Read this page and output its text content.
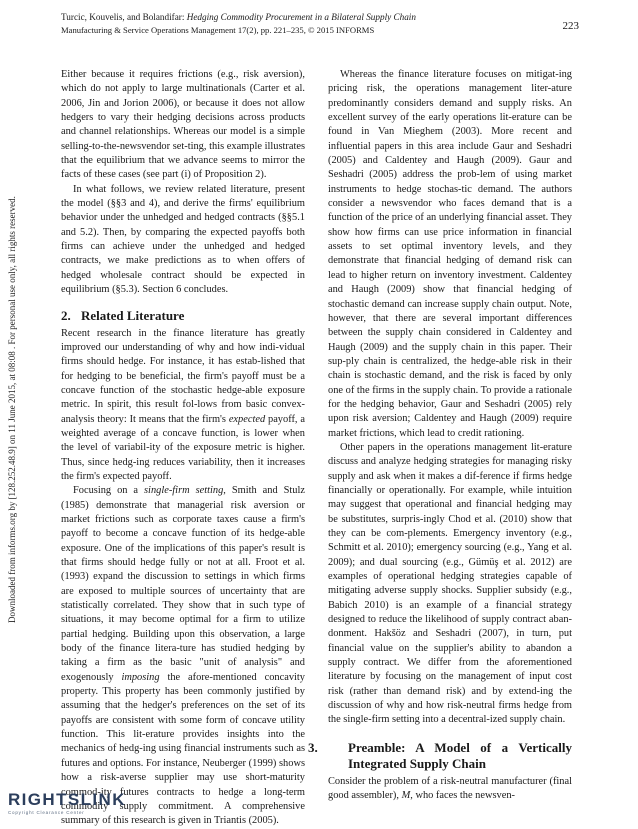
Downloaded from informs.org by [128.252.48.9] on 11 June 2015, at 08:08 . For personal use only, all rights reserved.
Turcic, Kouvelis, and Bolandifar: Hedging Commodity Procurement in a Bilateral Supply Chain
Manufacturing & Service Operations Management 17(2), pp. 221–235, © 2015 INFORMS	223

Either because it requires frictions (e.g., risk aversion), which do not apply to large multinationals (Carter et al. 2006, Jin and Jorion 2006), or because it does not allow hedgers to vary their hedging decisions across products and channel relationships. Whereas our model is a simple selling-to-the-newsvendor set-ting, this example illustrates that the equilibrium that we advance seems to mirror the facts of these cases (see part (i) of Proposition 2).

In what follows, we review related literature, present the model (§§3 and 4), and derive the firms' equilibrium behavior under the unhedged and hedged contracts (§§5.1 and 5.2). Then, by comparing the expected payoffs both firms can achieve under the unhedged and hedged contracts, we make predictions as to when offers of hedged wholesale contract should be expected in equilibrium (§5.3). Section 6 concludes.

2. Related Literature

Recent research in the finance literature has greatly improved our understanding of why and how indi-vidual firms should hedge. For instance, it has estab-lished that for hedging to be beneficial, the firm's payoff must be a concave function of the stochastic hedge-able exposure metric. In spirit, this result fol-lows from basic convex-analysis theory: It means that the firm's expected payoff, a weighted average of a concave function, is lower when the level of variabil-ity of the exposure metric is higher. Thus, since hedg-ing reduces variability, then it increases the firm's expected payoff.

Focusing on a single-firm setting, Smith and Stulz (1985) demonstrate that managerial risk aversion or market frictions such as corporate taxes cause a firm's payoff to become a concave function of its hedge-able exposure. One of the implications of this paper's result is that firms should hedge fully or not at all. Froot et al. (1993) expand the discussion to settings in which firms are exposed to multiple sources of uncertainty that are statistically correlated. They show that in such type of situations, it may become optimal for a firm to utilize partial hedging. Building upon this observation, a large body of the finance litera-ture has studied hedging by taking a firm as the basic "unit of analysis" and exogenously imposing the afore-mentioned concavity property. This property has been commonly justified by assuming that the hedger's preferences on the set of its payoffs are consistent with some form of concave utility function. This lit-erature provides insights into the mechanics of hedg-ing using financial instruments such as futures and options. For instance, Neuberger (1999) shows how a risk-averse supplier may use short-maturity commod-ity futures contracts to hedge a long-term commodity supply commitment. A comprehensive summary of this research is given in Triantis (2005).

Whereas the finance literature focuses on mitigat-ing pricing risk, the operations management liter-ature predominantly considers demand and supply risks. An excellent survey of the early operations lit-erature can be found in Van Mieghem (2003). More recent and influential papers in this area include Gaur and Seshadri (2005) and Caldentey and Haugh (2009). Gaur and Seshadri (2005) address the prob-lem of using market instruments to hedge stochas-tic demand. The authors consider a newsvendor who faces demand that is a function of the price of an underlying financial asset. They show how firms can use price information in financial assets to set optimal inventory levels, and they demonstrate that financial hedging of demand risk can lead to higher return on inventory investment. Caldentey and Haugh (2009) show that financial hedging of stochastic demand can increase supply chain output. Note, however, that there are several important differences between the supply chain considered in Caldentey and Haugh (2009) and the supply chain in this paper. Their sup-ply chain is centralized, the hedge-able risk in their chain is stochastic demand, and the risk is faced by only one of the firms in the supply chain. To provide a rationale for the hedging behavior, Gaur and Seshadri (2005) rely upon risk aversion; Caldentey and Haugh (2009) require market frictions, which lead to credit rationing.

Other papers in the operations management lit-erature discuss and analyze hedging strategies for managing risky supply and ask when it makes a dif-ference if firms hedge financially or operationally. For example, while intuition may suggest that operational and financial hedging may be substitutes, surpris-ingly Chod et al. (2010) show that they can be com-plements. Emergency inventory (e.g., Schmitt et al. 2010); emergency sourcing (e.g., Yang et al. 2009); and dual sourcing (e.g., Gümüş et al. 2012) are examples of operational hedging strategies capable of mitigating adverse supply shocks. Supplier subsidy (e.g., Babich 2010) is an example of a financial strategy designed to reduce the likelihood of supply contract aban-donment. Hakšöz and Seshadri (2007), in turn, put financial value on the supplier's ability to abandon a supply contract. We differ from the aforementioned literature by focusing on the management of input cost risk (rather than demand risk) and by extend-ing the discussion of why and how risk-neutral firms hedge from the single-firm setting into a decentral-ized supply chain.

3. Preamble: A Model of a Vertically Integrated Supply Chain

Consider the problem of a risk-neutral manufacturer (final good assembler), M, who faces the newsven-

RIGHTSLINK
Copyright Clearance Center
